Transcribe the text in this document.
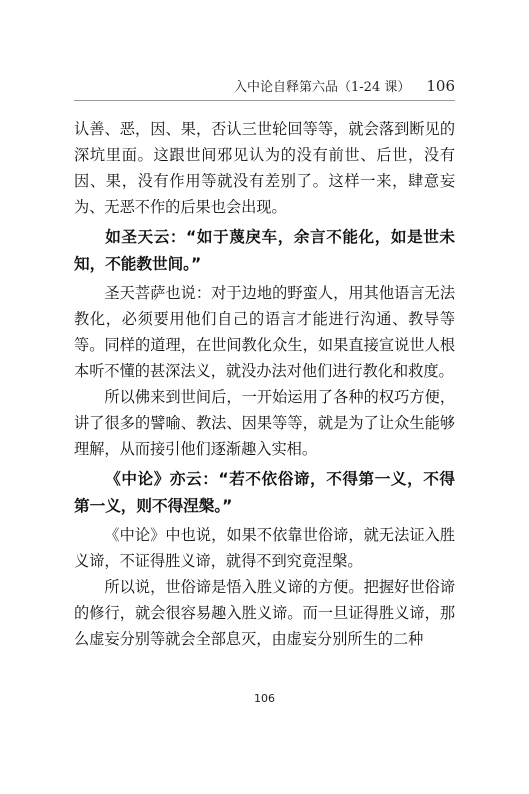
入中论自释第六品（1-24 课） 106

认善、恶，因、果，否认三世轮回等等，就会落到断见的深坑里面。这跟世间邪见认为的没有前世、后世，没有因、果，没有作用等就没有差别了。这样一来，肆意妄为、无恶不作的后果也会出现。

如圣天云：“如于蔑戾车，余言不能化，如是世未知，不能教世间。”

圣天菩萨也说：对于边地的野蛮人，用其他语言无法教化，必须要用他们自己的语言才能进行沟通、教导等等。同样的道理，在世间教化众生，如果直接宣说世人根本听不懂的甚深法义，就没办法对他们进行教化和救度。

所以佛来到世间后，一开始运用了各种的权巧方便，讲了很多的譬喻、教法、因果等等，就是为了让众生能够理解，从而接引他们逐渐趣入实相。

《中论》亦云：“若不依俗谛，不得第一义，不得第一义，则不得涅槃。”

《中论》中也说，如果不依靠世俗谛，就无法证入胜义谛，不证得胜义谛，就得不到究竟涅槃。

所以说，世俗谛是悟入胜义谛的方便。把握好世俗谛的修行，就会很容易趣入胜义谛。而一旦证得胜义谛，那么虚妄分别等就会全部息灭，由虚妄分别所生的二种

106
